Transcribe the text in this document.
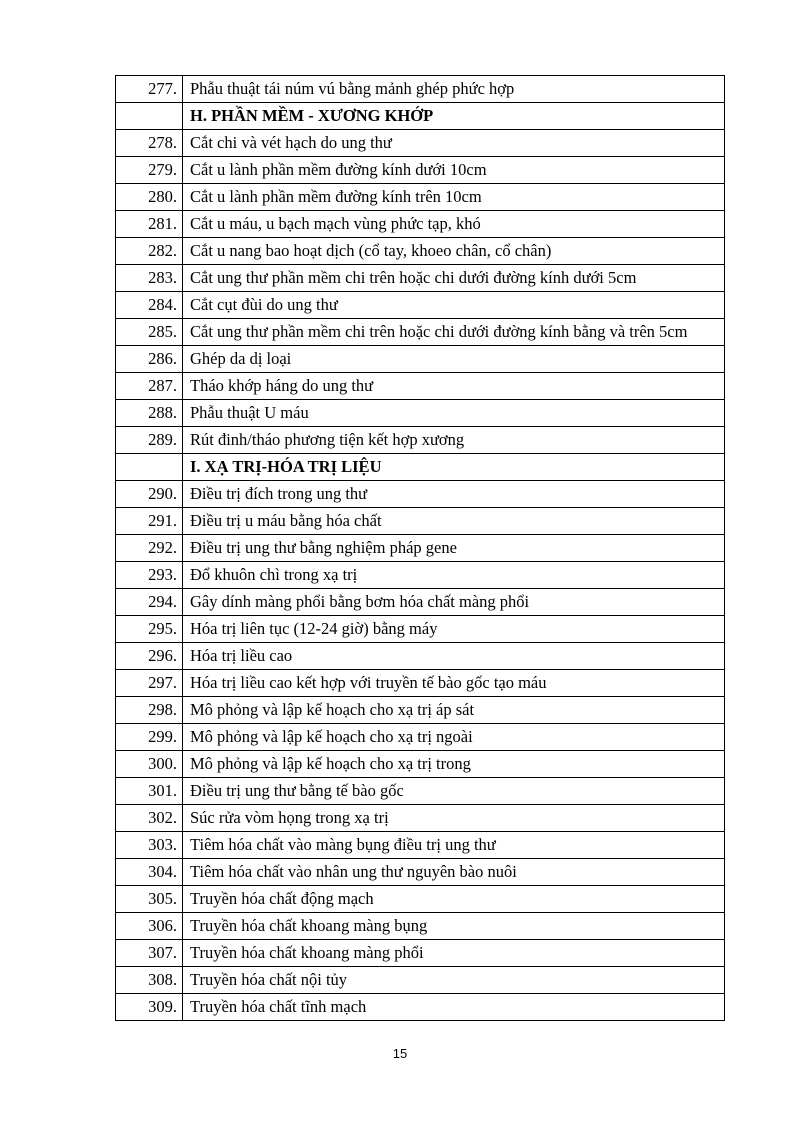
277.	Phẫu thuật tái núm vú bằng mảnh ghép phức hợp
	H. PHẦN MỀM - XƯƠNG KHỚP
278.	Cắt chi và vét hạch do ung thư
279.	Cắt u lành phần mềm đường kính dưới 10cm
280.	Cắt u lành phần mềm đường kính trên 10cm
281.	Cắt u máu, u bạch mạch vùng phức tạp, khó
282.	Cắt u nang bao hoạt dịch (cổ tay, khoeo chân, cổ chân)
283.	Cắt ung thư phần mềm chi trên hoặc chi dưới đường kính dưới 5cm
284.	Cắt cụt đùi do ung thư
285.	Cắt ung thư phần mềm chi trên hoặc chi dưới đường kính bằng và trên 5cm
286.	Ghép da dị loại
287.	Tháo khớp háng do ung thư
288.	Phẫu thuật U máu
289.	Rút đinh/tháo phương tiện kết hợp xương
	I. XẠ TRỊ-HÓA TRỊ LIỆU
290.	Điều trị đích trong ung thư
291.	Điều trị u máu bằng hóa chất
292.	Điều trị ung thư bằng nghiệm pháp gene
293.	Đổ khuôn chì trong xạ trị
294.	Gây dính màng phổi bằng bơm hóa chất màng phổi
295.	Hóa trị liên tục (12-24 giờ) bằng máy
296.	Hóa trị liều cao
297.	Hóa trị liều cao kết hợp với truyền tế bào gốc tạo máu
298.	Mô phỏng và lập kế hoạch cho xạ trị áp sát
299.	Mô phỏng và lập kế hoạch cho xạ trị ngoài
300.	Mô phỏng và lập kế hoạch cho xạ trị trong
301.	Điều trị ung thư bằng tế bào gốc
302.	Súc rửa vòm họng trong xạ trị
303.	Tiêm hóa chất vào màng bụng điều trị ung thư
304.	Tiêm hóa chất vào nhân ung thư nguyên bào nuôi
305.	Truyền hóa chất động mạch
306.	Truyền hóa chất khoang màng bụng
307.	Truyền hóa chất khoang màng phổi
308.	Truyền hóa chất nội tủy
309.	Truyền hóa chất tĩnh mạch
15
